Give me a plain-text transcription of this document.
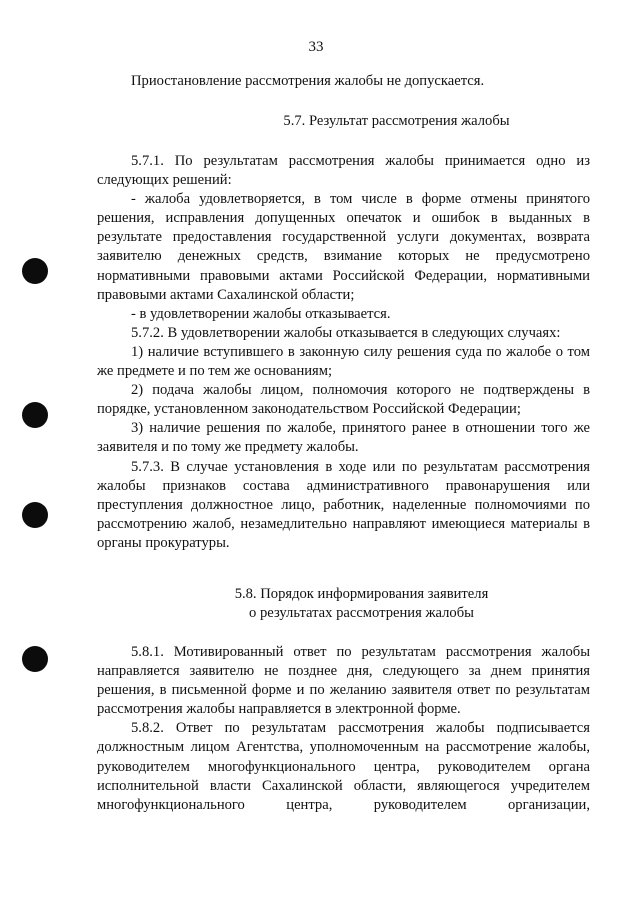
33
Приостановление рассмотрения жалобы не допускается.
5.7. Результат рассмотрения жалобы

5.7.1. По результатам рассмотрения жалобы принимается одно из

следующих решений:

- жалоба удовлетворяется, в том числе в форме отмены принятого решения, исправления допущенных опечаток и ошибок в выданных в результате предоставления государственной услуги документах, возврата заявителю денежных средств, взимание которых не предусмотрено нормативными правовыми актами Российской Федерации, нормативными правовыми актами Сахалинской области;

- в удовлетворении жалобы отказывается.

5.7.2. В удовлетворении жалобы отказывается в следующих случаях:

1) наличие вступившего в законную силу решения суда по жалобе о том же предмете и по тем же основаниям;

2) подача жалобы лицом, полномочия которого не подтверждены в порядке, установленном законодательством Российской Федерации;

3) наличие решения по жалобе, принятого ранее в отношении того же заявителя и по тому же предмету жалобы.

5.7.3. В случае установления в ходе или по результатам рассмотрения жалобы признаков состава административного правонарушения или преступления должностное лицо, работник, наделенные полномочиями по рассмотрению жалоб, незамедлительно направляют имеющиеся материалы в органы прокуратуры.

5.8. Порядок информирования заявителя
о результатах рассмотрения жалобы

5.8.1. Мотивированный ответ по результатам рассмотрения жалобы направляется заявителю не позднее дня, следующего за днем принятия решения, в письменной форме и по желанию заявителя ответ по результатам рассмотрения жалобы направляется в электронной форме.

5.8.2. Ответ по результатам рассмотрения жалобы подписывается должностным лицом Агентства, уполномоченным на рассмотрение жалобы, руководителем многофункционального центра, руководителем органа исполнительной власти Сахалинской области, являющегося учредителем многофункционального центра, руководителем организации,
